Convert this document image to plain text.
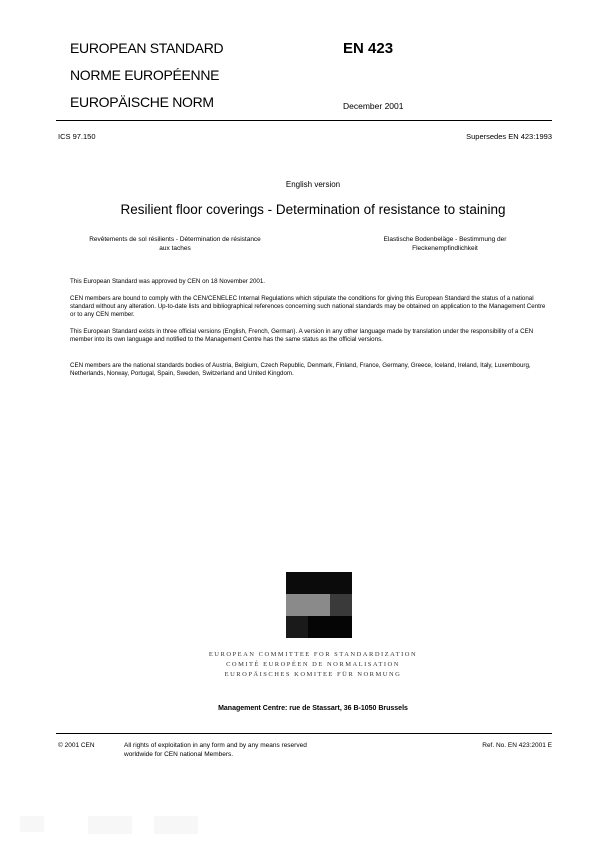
EUROPEAN STANDARD
NORME EUROPÉENNE
EUROPÄISCHE NORM
EN 423
December 2001
ICS 97.150	Supersedes EN 423:1993
English version
Resilient floor coverings - Determination of resistance to staining
Revêtements de sol résilients - Détermination de résistance
aux taches
Elastische Bodenbeläge - Bestimmung der
Fleckenempfindlichkeit
This European Standard was approved by CEN on 18 November 2001.
CEN members are bound to comply with the CEN/CENELEC Internal Regulations which stipulate the conditions for giving this European Standard the status of a national standard without any alteration. Up-to-date lists and bibliographical references concerning such national standards may be obtained on application to the Management Centre or to any CEN member.
This European Standard exists in three official versions (English, French, German). A version in any other language made by translation under the responsibility of a CEN member into its own language and notified to the Management Centre has the same status as the official versions.
CEN members are the national standards bodies of Austria, Belgium, Czech Republic, Denmark, Finland, France, Germany, Greece, Iceland, Ireland, Italy, Luxembourg, Netherlands, Norway, Portugal, Spain, Sweden, Switzerland and United Kingdom.
EUROPEAN COMMITTEE FOR STANDARDIZATION
COMITÉ EUROPÉEN DE NORMALISATION
EUROPÄISCHES KOMITEE FÜR NORMUNG
Management Centre: rue de Stassart, 36 B-1050 Brussels
© 2001 CEN	All rights of exploitation in any form and by any means reserved
worldwide for CEN national Members.
Ref. No. EN 423:2001 E
